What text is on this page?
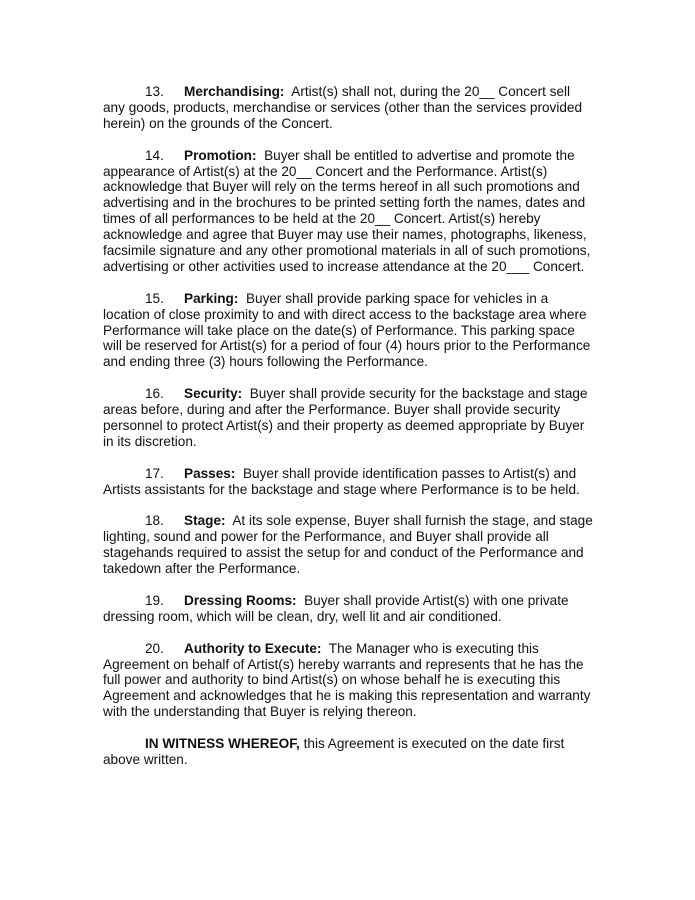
13. Merchandising: Artist(s) shall not, during the 20__ Concert sell any goods, products, merchandise or services (other than the services provided herein) on the grounds of the Concert.

14. Promotion: Buyer shall be entitled to advertise and promote the appearance of Artist(s) at the 20__ Concert and the Performance. Artist(s) acknowledge that Buyer will rely on the terms hereof in all such promotions and advertising and in the brochures to be printed setting forth the names, dates and times of all performances to be held at the 20__ Concert. Artist(s) hereby acknowledge and agree that Buyer may use their names, photographs, likeness, facsimile signature and any other promotional materials in all of such promotions, advertising or other activities used to increase attendance at the 20___ Concert.

15. Parking: Buyer shall provide parking space for vehicles in a location of close proximity to and with direct access to the backstage area where Performance will take place on the date(s) of Performance. This parking space will be reserved for Artist(s) for a period of four (4) hours prior to the Performance and ending three (3) hours following the Performance.

16. Security: Buyer shall provide security for the backstage and stage areas before, during and after the Performance. Buyer shall provide security personnel to protect Artist(s) and their property as deemed appropriate by Buyer in its discretion.

17. Passes: Buyer shall provide identification passes to Artist(s) and Artists assistants for the backstage and stage where Performance is to be held.

18. Stage: At its sole expense, Buyer shall furnish the stage, and stage lighting, sound and power for the Performance, and Buyer shall provide all stagehands required to assist the setup for and conduct of the Performance and takedown after the Performance.

19. Dressing Rooms: Buyer shall provide Artist(s) with one private dressing room, which will be clean, dry, well lit and air conditioned.

20. Authority to Execute: The Manager who is executing this Agreement on behalf of Artist(s) hereby warrants and represents that he has the full power and authority to bind Artist(s) on whose behalf he is executing this Agreement and acknowledges that he is making this representation and warranty with the understanding that Buyer is relying thereon.

IN WITNESS WHEREOF, this Agreement is executed on the date first above written.
